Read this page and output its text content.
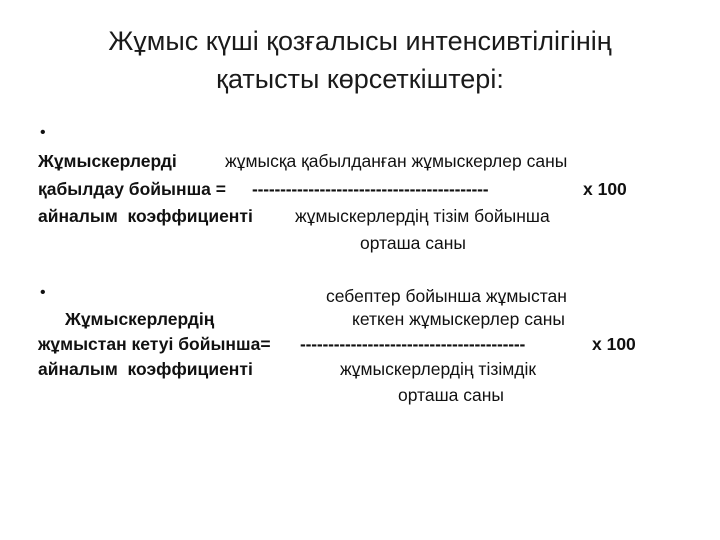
Жұмыс күші қозғалысы интенсивтілігінің
қатысты көрсеткіштері:
•
Жұмыскерлерді	жұмысқа қабылданған жұмыскерлер саны
қабылдау бойынша = ------------------------------------------	х 100
айналым  коэффициенті жұмыскерлердің тізім бойынша
орташа саны
•	себептер бойынша жұмыстан
Жұмыскерлердің	кеткен жұмыскерлер саны
жұмыстан кетуі бойынша= ----------------------------------------	х 100
айналым  коэффициенті	жұмыскерлердің тізімдік
орташа саны
